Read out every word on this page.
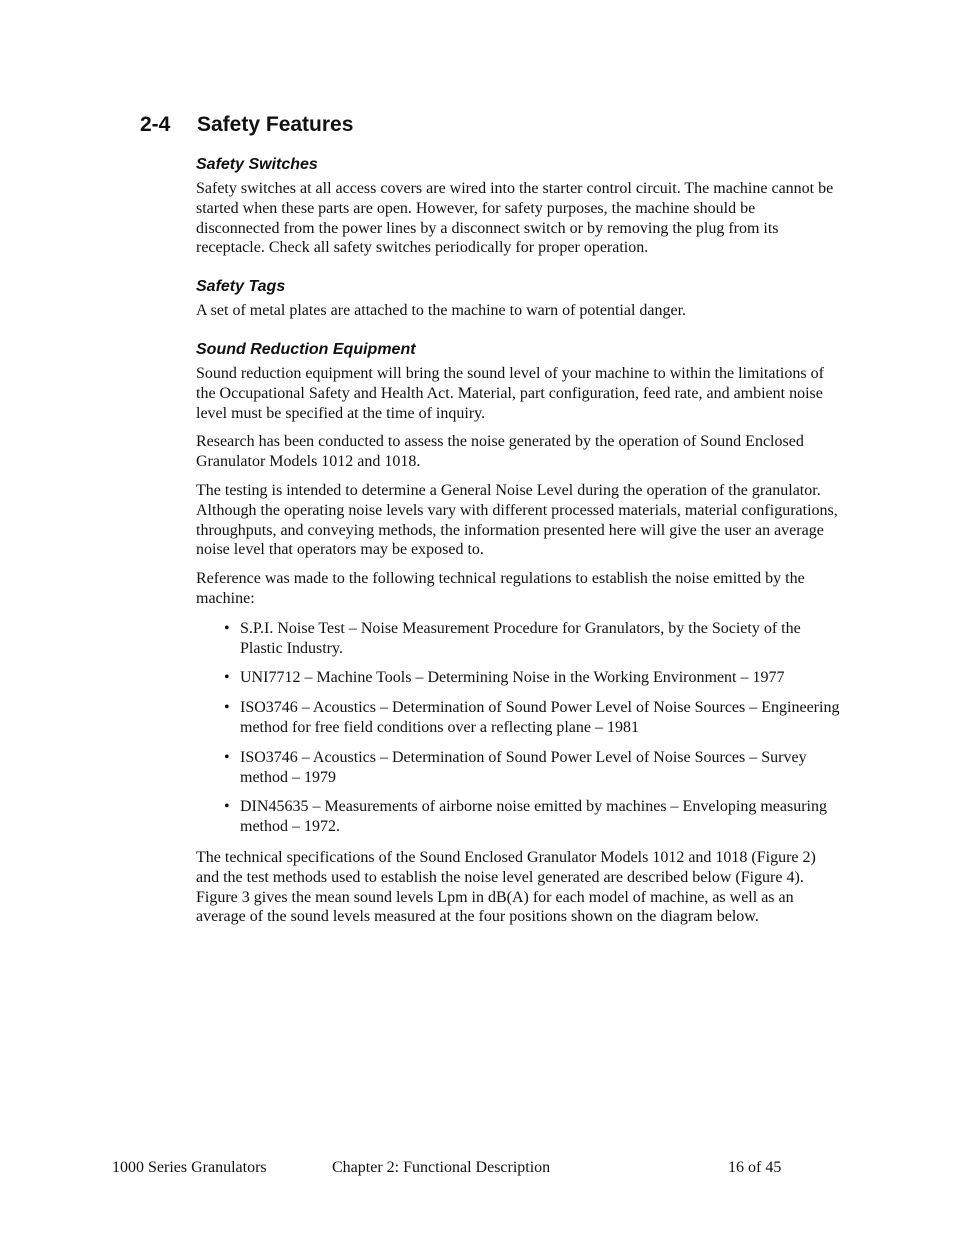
2-4 Safety Features
Safety Switches

Safety switches at all access covers are wired into the starter control circuit. The machine cannot be started when these parts are open. However, for safety purposes, the machine should be disconnected from the power lines by a disconnect switch or by removing the plug from its receptacle. Check all safety switches periodically for proper operation.

Safety Tags

A set of metal plates are attached to the machine to warn of potential danger.

Sound Reduction Equipment

Sound reduction equipment will bring the sound level of your machine to within the limitations of the Occupational Safety and Health Act. Material, part configuration, feed rate, and ambient noise level must be specified at the time of inquiry.

Research has been conducted to assess the noise generated by the operation of Sound Enclosed Granulator Models 1012 and 1018.

The testing is intended to determine a General Noise Level during the operation of the granulator. Although the operating noise levels vary with different processed materials, material configurations, throughputs, and conveying methods, the information presented here will give the user an average noise level that operators may be exposed to.

Reference was made to the following technical regulations to establish the noise emitted by the machine:

• S.P.I. Noise Test – Noise Measurement Procedure for Granulators, by the Society of the Plastic Industry.
• UNI7712 – Machine Tools – Determining Noise in the Working Environment – 1977
• ISO3746 – Acoustics – Determination of Sound Power Level of Noise Sources – Engineering method for free field conditions over a reflecting plane – 1981
• ISO3746 – Acoustics – Determination of Sound Power Level of Noise Sources – Survey method – 1979
• DIN45635 – Measurements of airborne noise emitted by machines – Enveloping measuring method – 1972.

The technical specifications of the Sound Enclosed Granulator Models 1012 and 1018 (Figure 2) and the test methods used to establish the noise level generated are described below (Figure 4). Figure 3 gives the mean sound levels Lpm in dB(A) for each model of machine, as well as an average of the sound levels measured at the four positions shown on the diagram below.

1000 Series Granulators	Chapter 2: Functional Description	16 of 45
